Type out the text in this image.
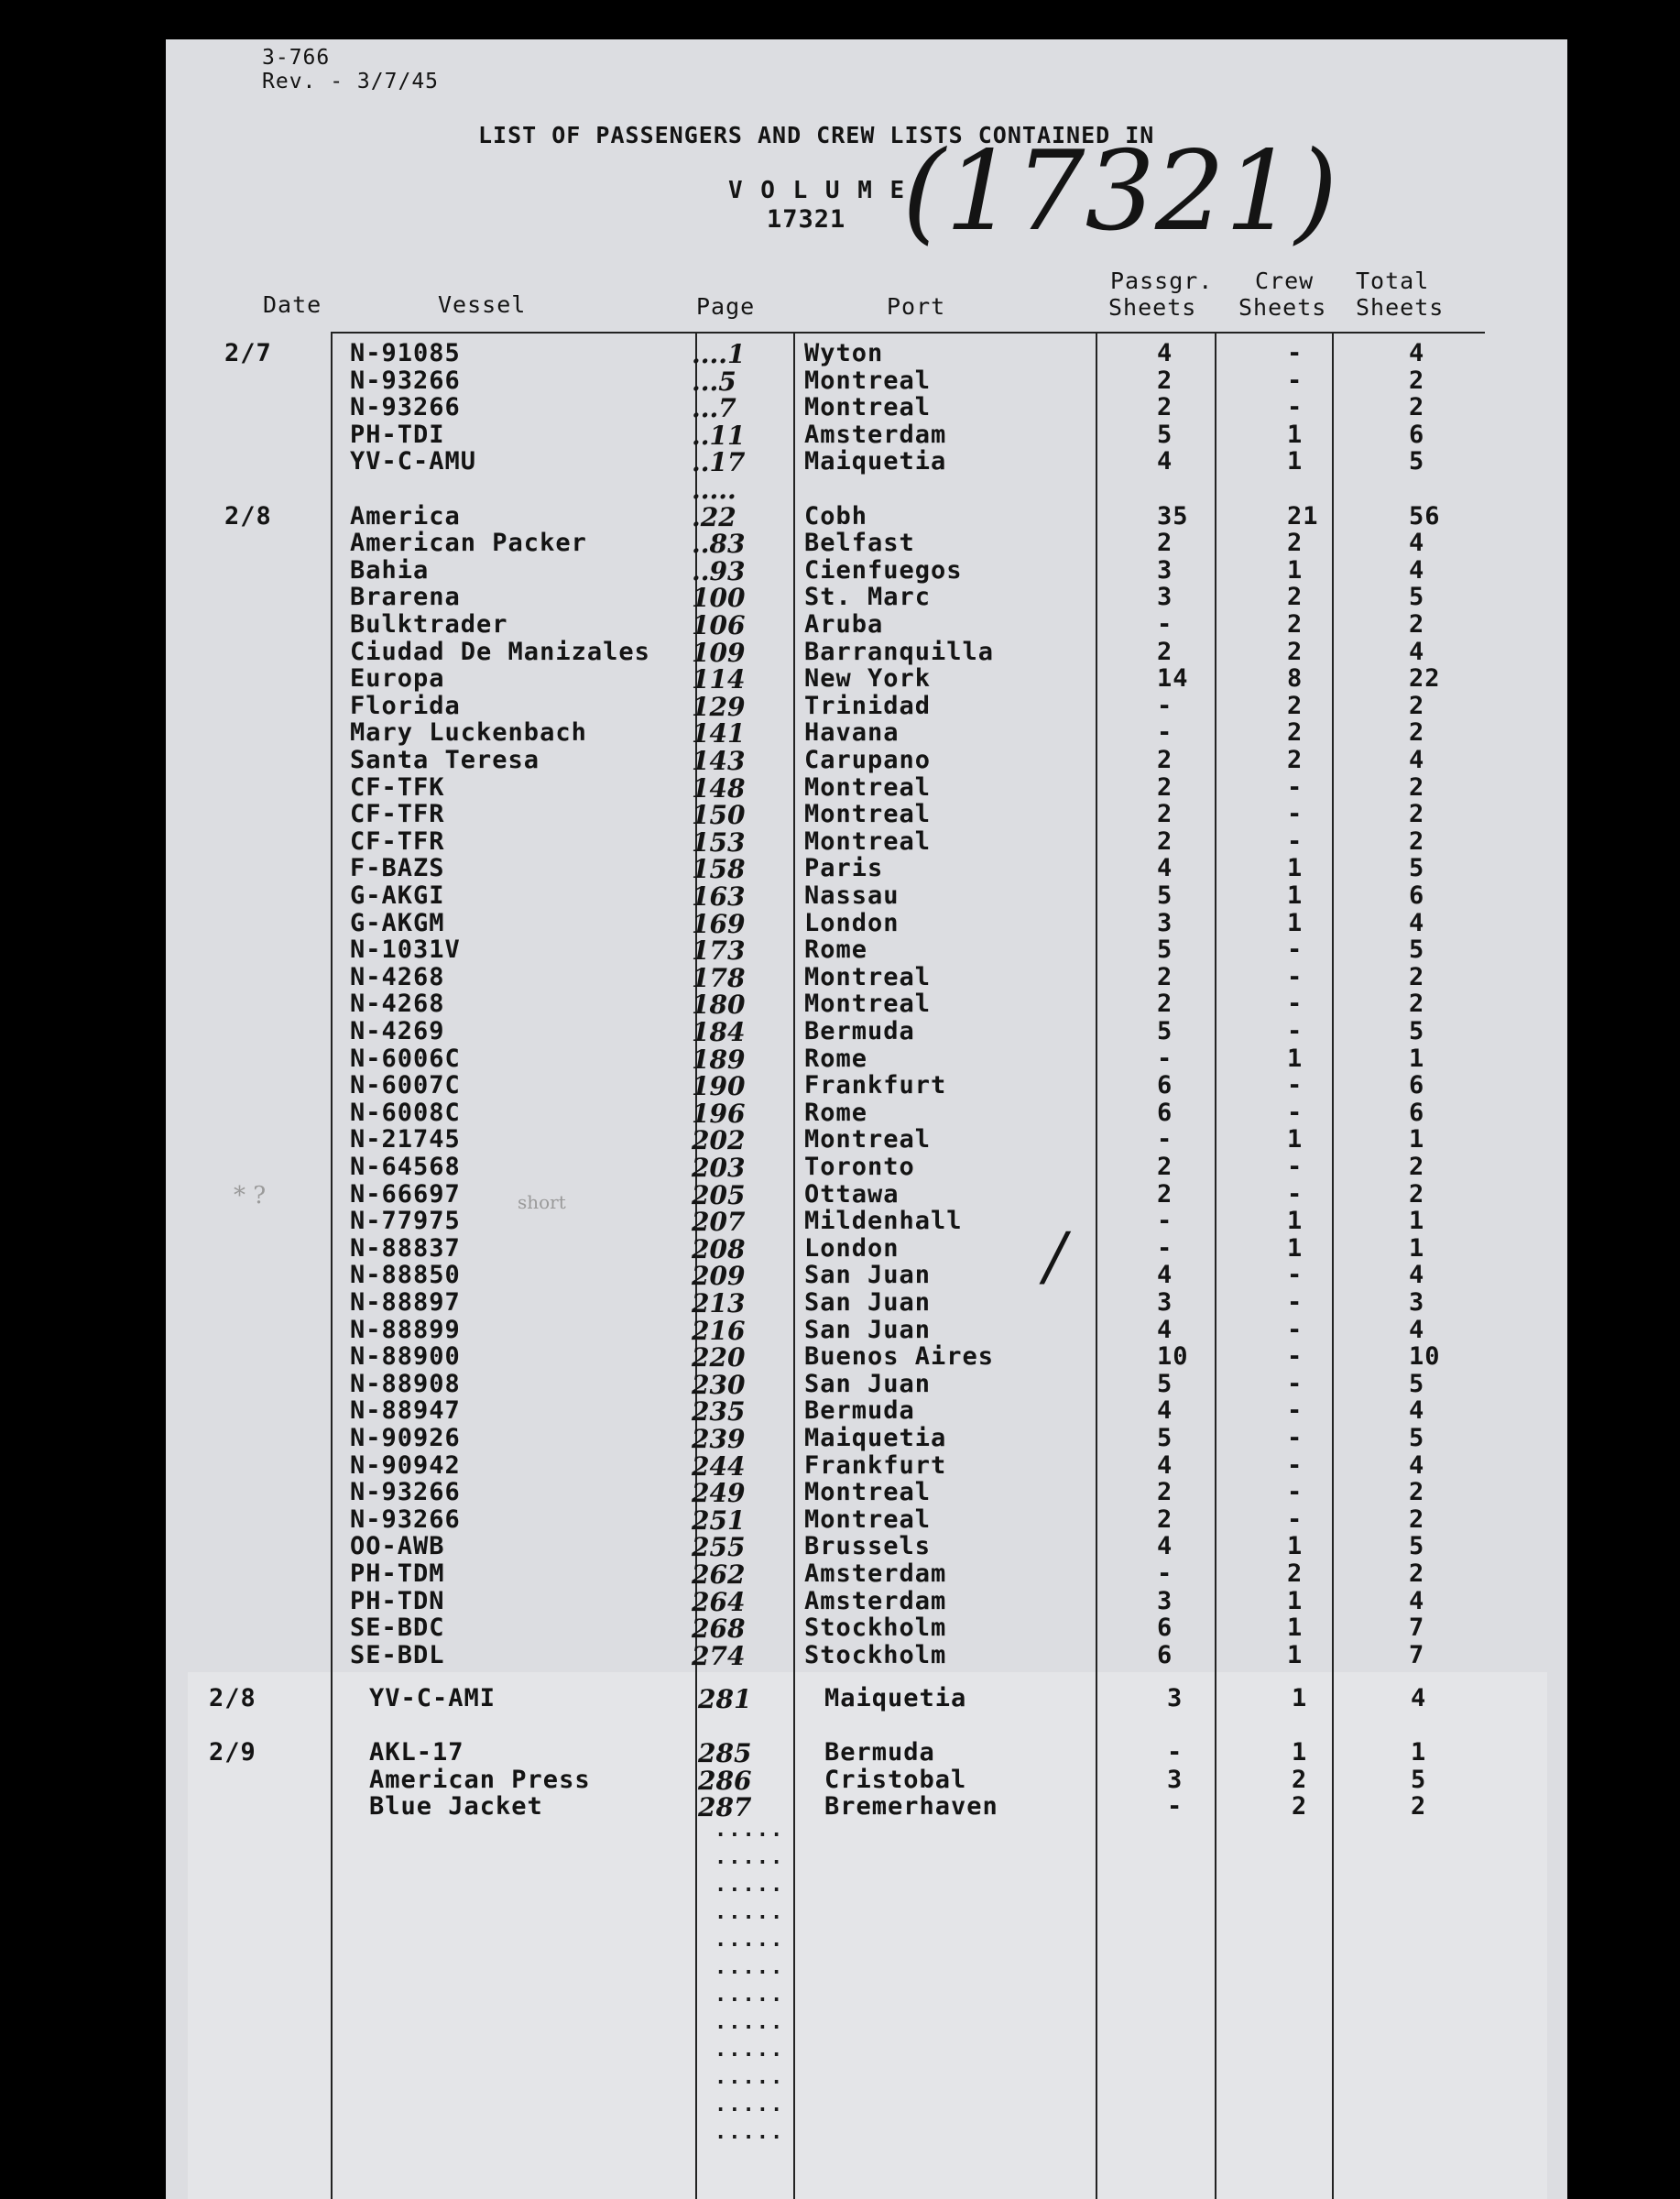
3-766
Rev. - 3/7/45
LIST OF PASSENGERS AND CREW LISTS CONTAINED IN
V O L U M E
17321 (17321)
Date	Vessel	Page	Port
Passgr.
Sheets
Crew
Sheets
Total
Sheets
short
* ?
/
2/7	N-91085	....1 Wyton	4	-	4
N-93266	...5	Montreal	2	-	2
N-93266	...7	Montreal	2	-	2
PH-TDI	..11 Amsterdam	5	1	6
YV-C-AMU	..17 Maiquetia	4	1	5
.....
2/8	America	.22	Cobh	35	21	56
American Packer	..83 Belfast	2	2	4
Bahia	..93 Cienfuegos	3	1	4
Brarena	100 St. Marc	3	2	5
Bulktrader	106 Aruba	-	2	2
Ciudad De Manizales 109 Barranquilla	2	2	4
Europa	114 New York	14	8	22
Florida	129 Trinidad	-	2	2
Mary Luckenbach	141 Havana	-	2	2
Santa Teresa	143 Carupano	2	2	4
CF-TFK	148 Montreal	2	-	2
CF-TFR	150 Montreal	2	-	2
CF-TFR	153 Montreal	2	-	2
F-BAZS	158 Paris	4	1	5
G-AKGI	163 Nassau	5	1	6
G-AKGM	169 London	3	1	4
N-1031V	173 Rome	5	-	5
N-4268	178 Montreal	2	-	2
N-4268	180 Montreal	2	-	2
N-4269	184 Bermuda	5	-	5
N-6006C	189 Rome	-	1	1
N-6007C	190 Frankfurt	6	-	6
N-6008C	196 Rome	6	-	6
N-21745	202 Montreal	-	1	1
N-64568	203 Toronto	2	-	2
N-66697	205 Ottawa	2	-	2
N-77975	207 Mildenhall	-	1	1
N-88837	208 London	-	1	1
N-88850	209 San Juan	4	-	4
N-88897	213 San Juan	3	-	3
N-88899	216 San Juan	4	-	4
N-88900	220 Buenos Aires	10	-	10
N-88908	230 San Juan	5	-	5
N-88947	235 Bermuda	4	-	4
N-90926	239 Maiquetia	5	-	5
N-90942	244 Frankfurt	4	-	4
N-93266	249 Montreal	2	-	2
N-93266	251 Montreal	2	-	2
OO-AWB	255 Brussels	4	1	5
PH-TDM	262 Amsterdam	-	2	2
PH-TDN	264 Amsterdam	3	1	4
SE-BDC	268 Stockholm	6	1	7
SE-BDL	274 Stockholm	6	1	7
2/8	YV-C-AMI	281	Maiquetia	3	1	4
2/9	AKL-17	285	Bermuda	-	1	1
American Press	286	Cristobal	3	2	5
Blue Jacket	287	Bremerhaven	-	2	2
.....
.....
.....
.....
.....
.....
.....
.....
.....
.....
.....
.....
